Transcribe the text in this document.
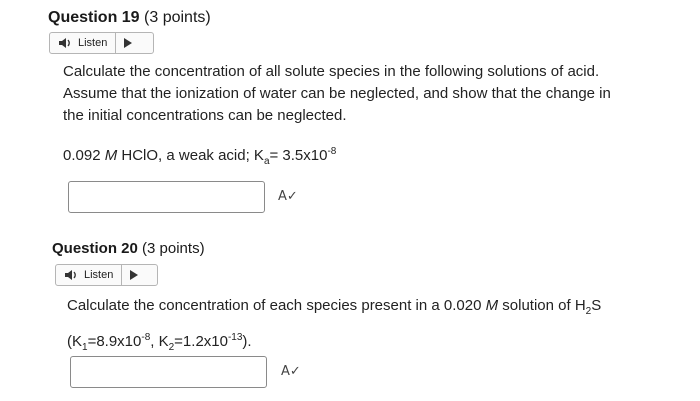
Question 19 (3 points)
Listen
Calculate the concentration of all solute species in the following solutions of acid.
Assume that the ionization of water can be neglected, and show that the change in
the initial concentrations can be neglected.
0.092 M HClO, a weak acid; $K_a= 3.5x10^{-8}$
A✓
Question 20 (3 points)
Listen
Calculate the concentration of each species present in a 0.020 M solution of $H_2S$
($K_1=8.9x10^{-8}$, $K_2=1.2x10^{-13}$).
A✓
